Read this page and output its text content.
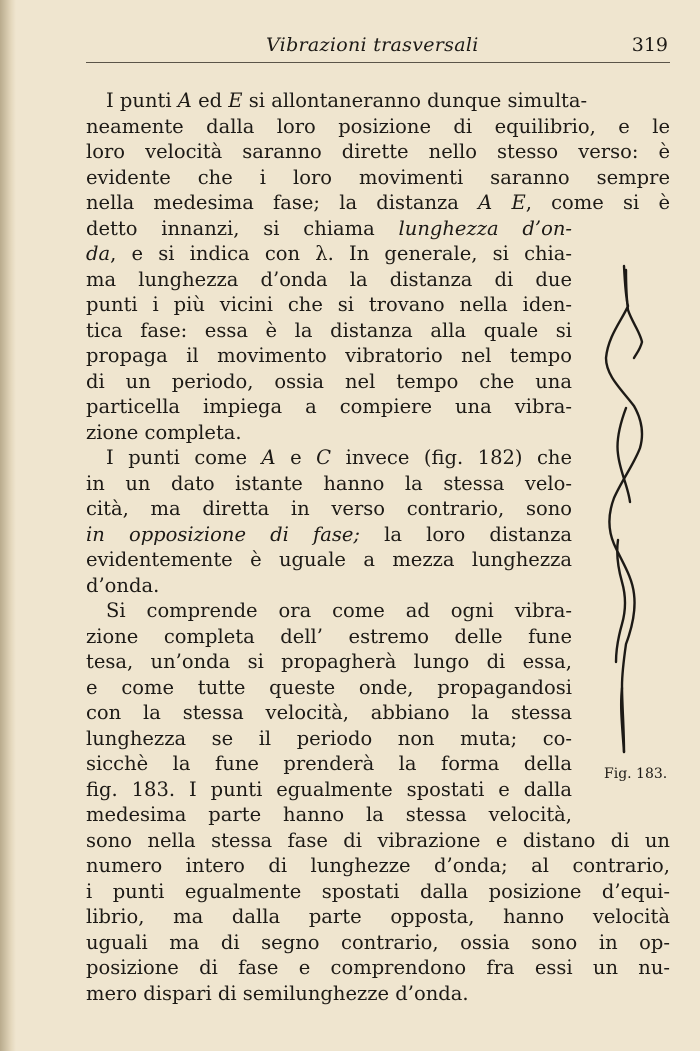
Vibrazioni trasversali	319
I punti A ed E si allontaneranno dunque simulta-
neamente dalla loro posizione di equilibrio, e le
loro velocità saranno dirette nello stesso verso: è
evidente che i loro movimenti saranno sempre
nella medesima fase; la distanza A E, come si è
detto innanzi, si chiama lunghezza d’on-
da, e si indica con λ. In generale, si chia-
ma lunghezza d’onda la distanza di due
punti i più vicini che si trovano nella iden-
tica fase: essa è la distanza alla quale si
propaga il movimento vibratorio nel tempo
di un periodo, ossia nel tempo che una
particella impiega a compiere una vibra-
zione completa.
I punti come A e C invece (fig. 182) che
in un dato istante hanno la stessa velo-
cità, ma diretta in verso contrario, sono
in opposizione di fase; la loro distanza
evidentemente è uguale a mezza lunghezza
d’onda.
Si comprende ora come ad ogni vibra-
zione completa dell’ estremo delle fune
tesa, un’onda si propagherà lungo di essa,
e come tutte queste onde, propagandosi
con la stessa velocità, abbiano la stessa
lunghezza se il periodo non muta; co-
sicchè la fune prenderà la forma della
fig. 183. I punti egualmente spostati e dalla
medesima parte hanno la stessa velocità,
sono nella stessa fase di vibrazione e distano di un
numero intero di lunghezze d’onda; al contrario,
i punti egualmente spostati dalla posizione d’equi-
librio, ma dalla parte opposta, hanno velocità
uguali ma di segno contrario, ossia sono in op-
posizione di fase e comprendono fra essi un nu-
mero dispari di semilunghezze d’onda.
Fig. 183.
